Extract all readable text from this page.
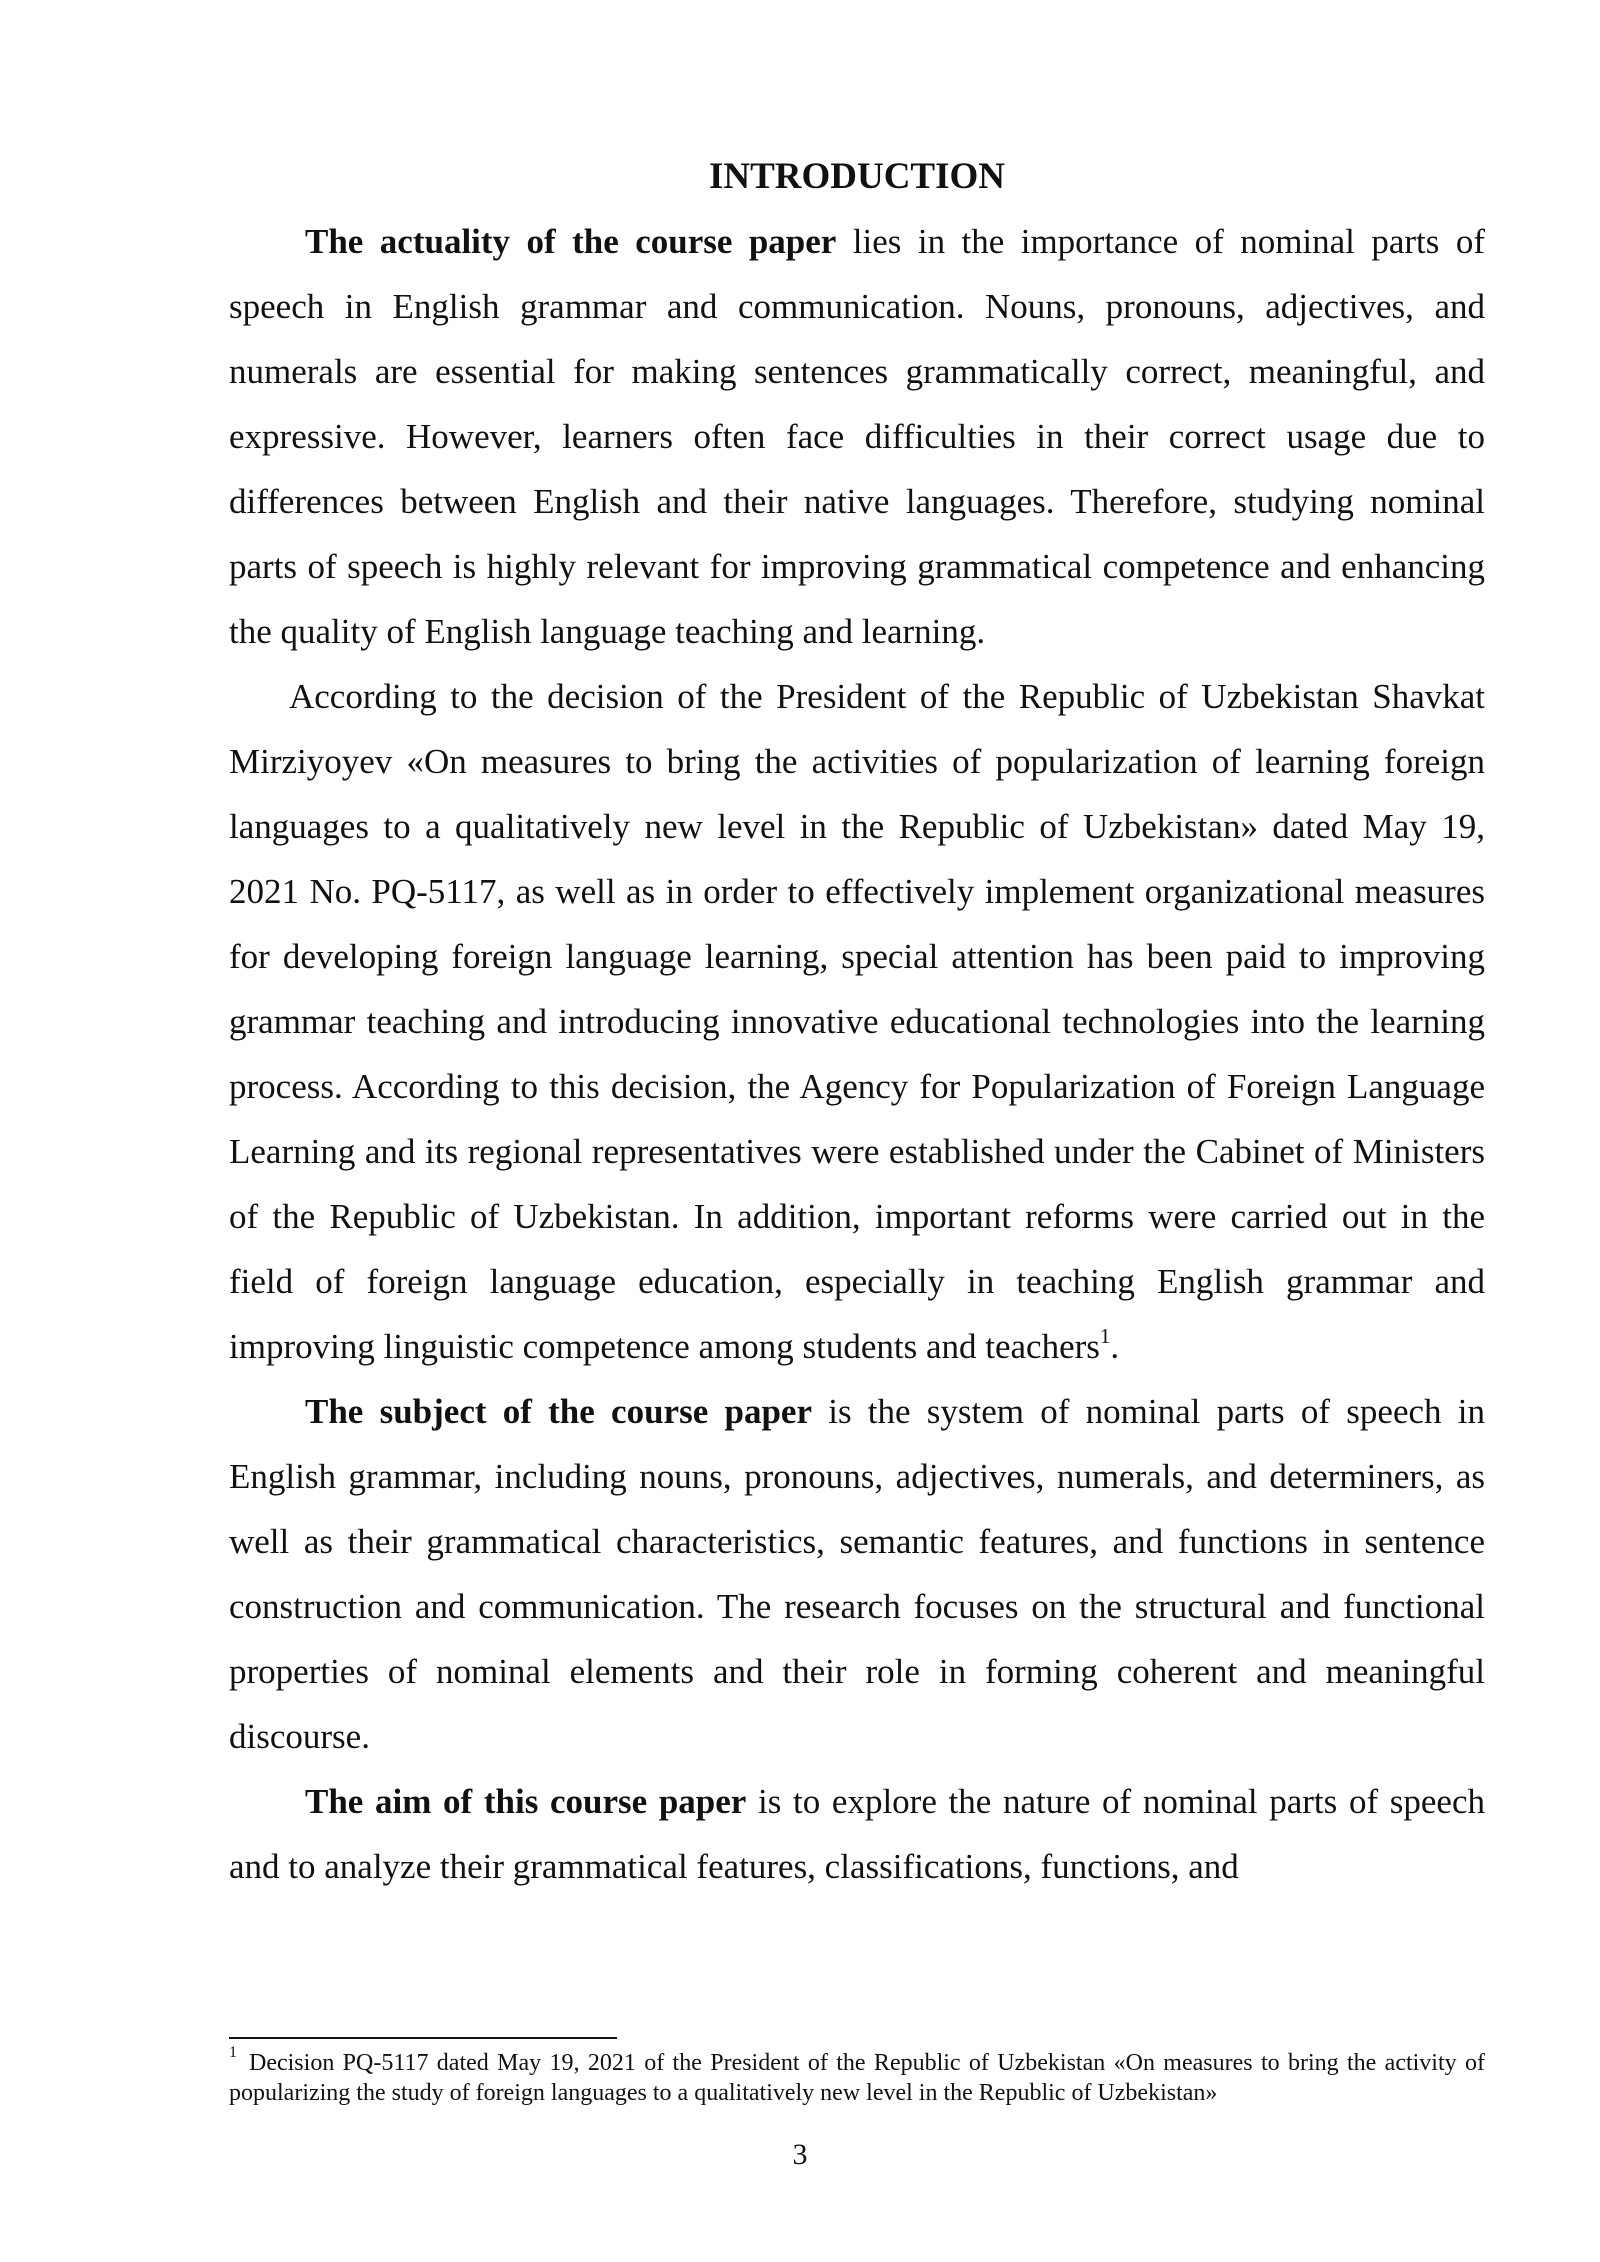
INTRODUCTION

The actuality of the course paper lies in the importance of nominal parts of speech in English grammar and communication. Nouns, pronouns, adjectives, and numerals are essential for making sentences grammatically correct, meaningful, and expressive. However, learners often face difficulties in their correct usage due to differences between English and their native languages. Therefore, studying nominal parts of speech is highly relevant for improving grammatical competence and enhancing the quality of English language teaching and learning.

According to the decision of the President of the Republic of Uzbekistan Shavkat Mirziyoyev «On measures to bring the activities of popularization of learning foreign languages to a qualitatively new level in the Republic of Uzbekistan» dated May 19, 2021 No. PQ-5117, as well as in order to effectively implement organizational measures for developing foreign language learning, special attention has been paid to improving grammar teaching and introducing innovative educational technologies into the learning process. According to this decision, the Agency for Popularization of Foreign Language Learning and its regional representatives were established under the Cabinet of Ministers of the Republic of Uzbekistan. In addition, important reforms were carried out in the field of foreign language education, especially in teaching English grammar and improving linguistic competence among students and teachers$^1$.

The subject of the course paper is the system of nominal parts of speech in English grammar, including nouns, pronouns, adjectives, numerals, and determiners, as well as their grammatical characteristics, semantic features, and functions in sentence construction and communication. The research focuses on the structural and functional properties of nominal elements and their role in forming coherent and meaningful discourse.

The aim of this course paper is to explore the nature of nominal parts of speech and to analyze their grammatical features, classifications, functions, and

$^1$ Decision PQ-5117 dated May 19, 2021 of the President of the Republic of Uzbekistan «On measures to bring the activity of popularizing the study of foreign languages to a qualitatively new level in the Republic of Uzbekistan»

3
